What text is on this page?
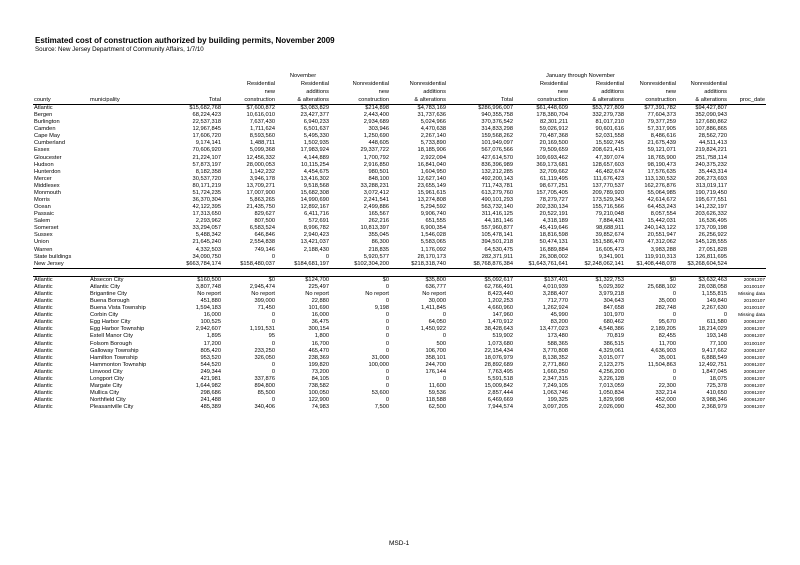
Estimated cost of construction authorized by building permits, November 2009
Source: New Jersey Department of Community Affairs, 1/7/10
			November					January through November				
			Residential	Residential	Nonresidential	Nonresidential		Residential	Residential	Nonresidential	Nonresidential	
			new	additions	new	additions		new	additions	new	additions	
county	municipality	Total	construction	& alterations	construction	& alterations	Total	construction	& alterations	construction	& alterations	proc_date
Atlantic		$15,682,768	$7,600,872	$3,083,829	$214,898	$4,783,169	$286,996,007	$61,448,609	$53,727,809	$77,391,782	$94,427,807	
Bergen		68,224,423	10,616,010	23,427,377	2,443,400	31,737,636	940,355,758	178,380,704	332,279,738	77,604,373	352,090,943	
Burlington		22,537,318	7,637,430	6,940,233	2,934,689	5,024,966	370,376,542	82,301,211	81,017,210	79,377,259	127,680,862	
Camden		12,967,845	1,711,624	6,501,637	303,946	4,470,638	314,833,298	59,026,912	90,601,616	57,317,905	107,886,865	
Cape May		17,606,720	8,593,560	5,495,330	1,250,690	2,267,140	159,568,262	70,487,368	52,031,558	8,486,616	28,562,720	
Cumberland		9,174,141	1,488,711	1,502,935	448,605	5,733,890	101,949,097	20,169,500	15,592,745	21,675,439	44,511,413	
Essex		70,606,920	5,099,368	17,983,924	29,337,722	18,185,906	567,076,566	79,509,659	208,621,415	59,121,071	219,824,221	
Gloucester		21,224,107	12,456,332	4,144,889	1,700,792	2,922,094	427,614,570	109,693,462	47,397,074	18,765,900	251,758,114	
Hudson		57,873,197	28,000,053	10,115,254	2,916,850	16,841,040	836,396,989	369,173,681	128,657,603	98,190,473	240,375,232	
Hunterdon		8,182,358	1,142,232	4,454,675	980,501	1,604,950	132,212,285	32,709,662	46,482,674	17,576,635	35,443,314	
Mercer		30,537,720	3,946,178	13,416,302	848,100	12,627,140	492,200,143	61,119,495	111,676,423	113,130,532	206,273,693	
Middlesex		80,171,219	13,709,271	9,518,568	33,288,231	23,655,149	711,743,781	98,677,251	137,770,537	162,276,876	313,019,117	
Monmouth		51,724,235	17,007,900	15,682,308	3,072,412	15,961,615	613,279,760	157,705,405	209,789,920	55,064,985	190,719,450	
Morris		36,370,304	5,863,265	14,990,690	2,241,541	13,274,808	490,101,293	78,279,727	173,529,343	42,614,672	195,677,551	
Ocean		42,122,395	21,435,750	12,892,167	2,499,886	5,294,592	563,732,140	202,330,134	155,716,566	64,453,243	141,232,197	
Passaic		17,313,650	829,627	6,411,716	165,567	9,906,740	311,416,125	20,522,191	79,210,048	8,057,554	203,626,332	
Salem		2,293,962	807,500	572,691	262,216	651,555	44,181,146	4,318,189	7,884,431	15,442,031	16,536,495	
Somerset		33,294,057	6,583,524	8,996,782	10,813,397	6,900,354	557,960,877	45,419,646	98,688,911	240,143,122	173,709,198	
Sussex		5,488,342	646,846	2,940,423	355,045	1,546,028	105,478,141	18,816,598	39,852,674	20,551,947	26,256,922	
Union		21,645,240	2,554,838	13,421,037	86,300	5,583,065	394,501,218	50,474,131	151,586,470	47,312,062	145,128,555	
Warren		4,332,503	749,146	2,188,430	218,835	1,176,092	64,530,475	16,889,884	16,605,473	3,983,288	27,051,828	
State buildings		34,090,750	0	0	5,920,577	28,170,173	282,371,911	26,308,002	9,341,901	119,910,313	126,811,695	
New Jersey		$663,784,174	$158,480,037	$184,681,197	$102,304,200	$218,318,740	$8,768,876,384	$1,643,761,641	$2,248,062,141	$1,408,448,078	$3,268,604,524	

Atlantic	Absecon City	$160,500	$0	$124,700	$0	$35,800	$5,092,617	$137,401	$1,322,753	$0	$3,632,463	20091207
Atlantic	Atlantic City	3,807,748	2,945,474	225,497	0	636,777	62,766,491	4,010,939	5,029,392	25,688,102	28,038,058	20100107
Atlantic	Brigantine City	No report	No report	No report	No report	No report	8,423,440	3,288,407	3,979,218	0	1,155,815	Missing data
Atlantic	Buena Borough	451,880	399,000	22,880	0	30,000	1,202,253	712,770	304,643	35,000	149,840	20100107
Atlantic	Buena Vista Township	1,594,183	71,450	101,690	9,198	1,411,845	4,660,960	1,262,924	847,658	282,748	2,267,630	20100107
Atlantic	Corbin City	16,000	0	16,000	0	0	147,960	45,990	101,970	0	0	Missing data
Atlantic	Egg Harbor City	100,525	0	36,475	0	64,050	1,470,912	83,200	680,462	95,670	611,580	20091207
Atlantic	Egg Harbor Township	2,942,607	1,191,531	300,154	0	1,450,922	38,428,643	13,477,023	4,548,386	2,189,205	18,214,029	20091207
Atlantic	Estell Manor City	1,895	95	1,800	0	0	519,902	173,480	70,819	82,455	193,148	20091207
Atlantic	Folsom Borough	17,200	0	16,700	0	500	1,073,680	588,365	386,515	11,700	77,100	20100107
Atlantic	Galloway Township	805,420	233,250	465,470	0	106,700	22,154,434	3,770,808	4,329,061	4,636,903	9,417,662	20091207
Atlantic	Hamilton Township	953,520	326,050	238,369	31,000	358,101	18,076,979	8,138,352	3,015,077	35,001	6,888,549	20091207
Atlantic	Hammonton Township	544,520	0	199,820	100,000	244,700	28,892,689	2,771,860	2,123,275	11,504,863	12,492,751	20091207
Atlantic	Linwood City	249,344	0	73,200	0	176,144	7,763,495	1,660,250	4,256,200	0	1,847,045	20091207
Atlantic	Longport City	421,981	337,876	84,105	0	0	5,591,518	2,347,315	3,226,128	0	18,075	20091207
Atlantic	Margate City	1,644,982	894,800	738,582	0	11,600	15,009,842	7,249,105	7,013,059	22,300	725,378	20091207
Atlantic	Mullica City	298,686	85,500	100,050	53,600	59,536	2,857,444	1,063,746	1,050,834	332,214	410,650	20091207
Atlantic	Northfield City	241,488	0	122,900	0	118,588	6,469,669	199,325	1,829,998	452,000	3,988,346	20091207
Atlantic	Pleasantville City	485,389	340,406	74,983	7,500	62,500	7,944,574	3,097,205	2,026,090	452,300	2,368,979	20091207
MSD-1
